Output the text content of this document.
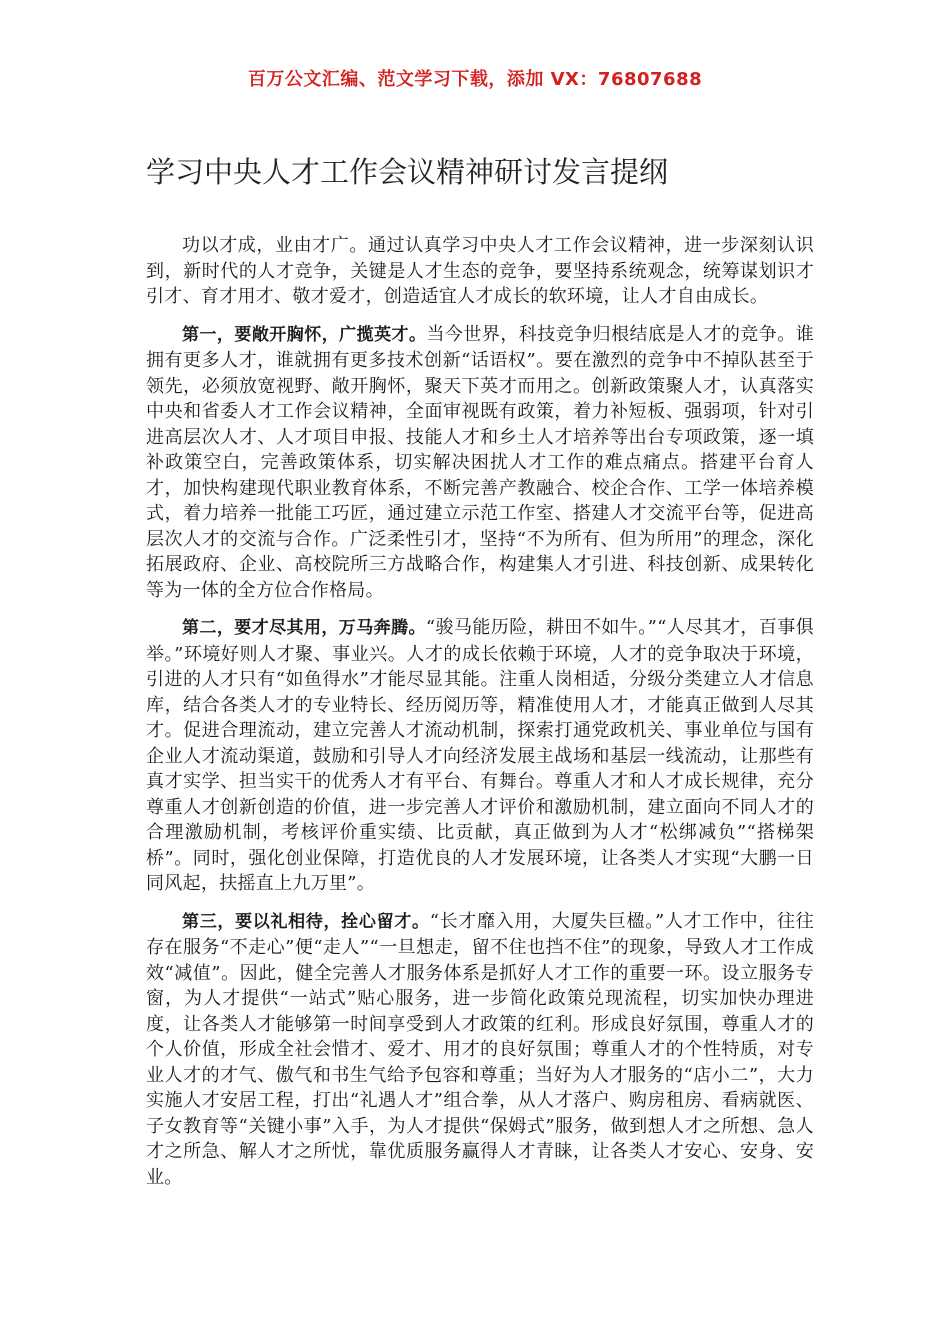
百万公文汇编、范文学习下载，添加 VX：76807688
学习中央人才工作会议精神研讨发言提纲

功以才成，业由才广。通过认真学习中央人才工作会议精神，进一步深刻认识到，新时代的人才竞争，关键是人才生态的竞争，要坚持系统观念，统筹谋划识才引才、育才用才、敬才爱才，创造适宜人才成长的软环境，让人才自由成长。

第一，要敞开胸怀，广揽英才。当今世界，科技竞争归根结底是人才的竞争。谁拥有更多人才，谁就拥有更多技术创新“话语权”。要在激烈的竞争中不掉队甚至于领先，必须放宽视野、敞开胸怀，聚天下英才而用之。创新政策聚人才，认真落实中央和省委人才工作会议精神，全面审视既有政策，着力补短板、强弱项，针对引进高层次人才、人才项目申报、技能人才和乡土人才培养等出台专项政策，逐一填补政策空白，完善政策体系，切实解决困扰人才工作的难点痛点。搭建平台育人才，加快构建现代职业教育体系，不断完善产教融合、校企合作、工学一体培养模式，着力培养一批能工巧匠，通过建立示范工作室、搭建人才交流平台等，促进高层次人才的交流与合作。广泛柔性引才，坚持“不为所有、但为所用”的理念，深化拓展政府、企业、高校院所三方战略合作，构建集人才引进、科技创新、成果转化等为一体的全方位合作格局。

第二，要才尽其用，万马奔腾。“骏马能历险，耕田不如牛。”“人尽其才，百事俱举。”环境好则人才聚、事业兴。人才的成长依赖于环境，人才的竞争取决于环境，引进的人才只有“如鱼得水”才能尽显其能。注重人岗相适，分级分类建立人才信息库，结合各类人才的专业特长、经历阅历等，精准使用人才，才能真正做到人尽其才。促进合理流动，建立完善人才流动机制，探索打通党政机关、事业单位与国有企业人才流动渠道，鼓励和引导人才向经济发展主战场和基层一线流动，让那些有真才实学、担当实干的优秀人才有平台、有舞台。尊重人才和人才成长规律，充分尊重人才创新创造的价值，进一步完善人才评价和激励机制，建立面向不同人才的合理激励机制，考核评价重实绩、比贡献，真正做到为人才“松绑减负”“搭梯架桥”。同时，强化创业保障，打造优良的人才发展环境，让各类人才实现“大鹏一日同风起，扶摇直上九万里”。

第三，要以礼相待，拴心留才。“长才靡入用，大厦失巨楹。”人才工作中，往往存在服务“不走心”便“走人”“一旦想走，留不住也挡不住”的现象，导致人才工作成效“减值”。因此，健全完善人才服务体系是抓好人才工作的重要一环。设立服务专窗，为人才提供“一站式”贴心服务，进一步简化政策兑现流程，切实加快办理进度，让各类人才能够第一时间享受到人才政策的红利。形成良好氛围，尊重人才的个人价值，形成全社会惜才、爱才、用才的良好氛围；尊重人才的个性特质，对专业人才的才气、傲气和书生气给予包容和尊重；当好为人才服务的“店小二”，大力实施人才安居工程，打出“礼遇人才”组合拳，从人才落户、购房租房、看病就医、子女教育等“关键小事”入手，为人才提供“保姆式”服务，做到想人才之所想、急人才之所急、解人才之所忧，靠优质服务赢得人才青睐，让各类人才安心、安身、安业。
